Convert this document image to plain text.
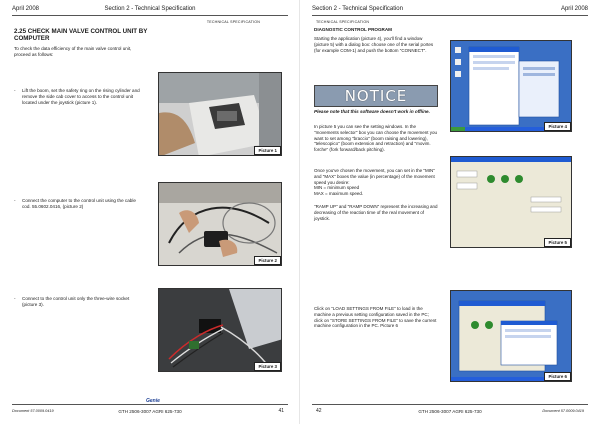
April 2008	Section 2 - Technical Specification
TECHNICAL SPECIFICATION
2.25 CHECK MAIN VALVE CONTROL UNIT BY COMPUTER
To check the data efficiency of the main valve control unit, proceed as follows:
- Lift the boom, set the safety ring on the rising cylinder and remove the side cab cover to access to the control unit located under the joystick (picture 1).
- Connect the computer to the control unit using the cable cod. 55.0602.0416, (picture 2)
- Connect to the control unit only the three-wire socket (picture 3).
Picture 1
Picture 2
Picture 3
Genie
Document 57.0009.0419	GTH 2506-3007 AGRI 625-730	41
Section 2 - Technical Specification	April 2008
TECHNICAL SPECIFICATION
DIAGNOSTIC CONTROL PROGRAM
Starting the application (picture 4), you'll find a window (picture 5) with a dialog box: choose one of the serial portes (for example COM-1) and push the bottom "CONNECT".
NOTICE
Please note that this software doesn't work in offline.
In picture 5 you can see the setting windows. In the "movements selector" box you can choose the movement you want to set among "braccio" (boom raising and lowering), "telescopico" (boom extension and retraction) and "movim. forche" (fork forward/back pitching).
Once you've chosen the movement, you can set in the "MIN" and "MAX" boxes the value (in percentage) of the movement speed you desire:
MIN = minimum speed
MAX = maximum speed.
"RAMP UP" and "RAMP DOWN" represent the increasing and decreasing of the reaction time of the real movement of joystick.
Click on "LOAD SETTINGS FROM FILE" to load in the machine a previous setting configuration saved in the PC; click on "STORE SETTINGS FROM FILE" to save the current machine configuration in the PC. Picture 6
Picture 4
Picture 5
Picture 6
42	GTH 2506-3007 AGRI 625-730	Document 57.0009.0419
